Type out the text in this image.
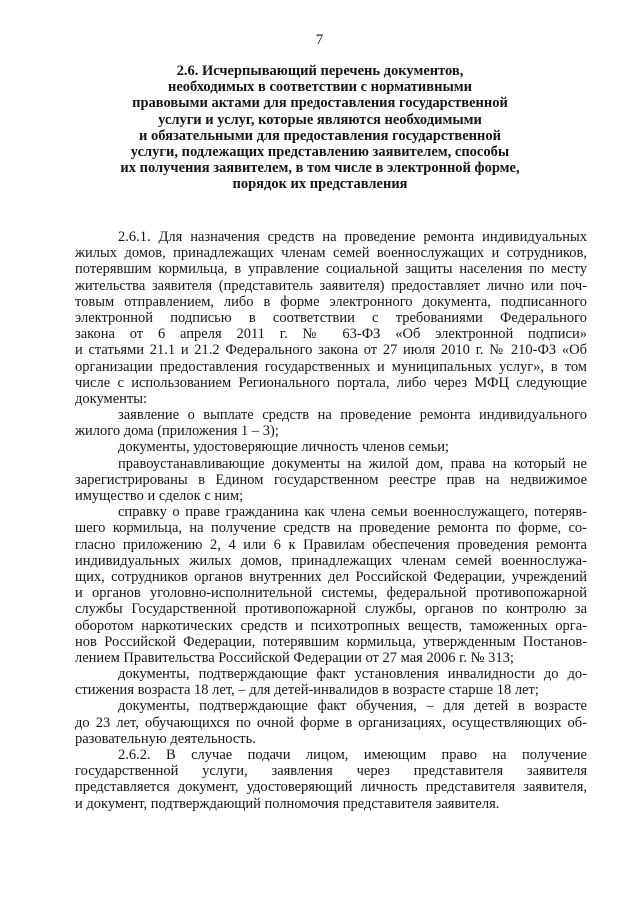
7
2.6. Исчерпывающий перечень документов,
необходимых в соответствии с нормативными
правовыми актами для предоставления государственной
услуги и услуг, которые являются необходимыми
и обязательными для предоставления государственной
услуги, подлежащих представлению заявителем, способы
их получения заявителем, в том числе в электронной форме,
порядок их представления
2.6.1. Для назначения средств на проведение ремонта индивидуальных
жилых домов, принадлежащих членам семей военнослужащих и сотрудников,
потерявшим кормильца, в управление социальной защиты населения по месту
жительства заявителя (представитель заявителя) предоставляет лично или поч-
товым отправлением, либо в форме электронного документа, подписанного
электронной подписью в соответствии с требованиями Федерального
закона от 6 апреля 2011 г. № 63-ФЗ «Об электронной подписи»
и статьями 21.1 и 21.2 Федерального закона от 27 июля 2010 г. № 210-ФЗ «Об
организации предоставления государственных и муниципальных услуг», в том
числе с использованием Регионального портала, либо через МФЦ следующие
документы:
заявление о выплате средств на проведение ремонта индивидуального
жилого дома (приложения 1 – 3);
документы, удостоверяющие личность членов семьи;
правоустанавливающие документы на жилой дом, права на который не
зарегистрированы в Едином государственном реестре прав на недвижимое
имущество и сделок с ним;
справку о праве гражданина как члена семьи военнослужащего, потеряв-
шего кормильца, на получение средств на проведение ремонта по форме, со-
гласно приложению 2, 4 или 6 к Правилам обеспечения проведения ремонта
индивидуальных жилых домов, принадлежащих членам семей военнослужа-
щих, сотрудников органов внутренних дел Российской Федерации, учреждений
и органов уголовно-исполнительной системы, федеральной противопожарной
службы Государственной противопожарной службы, органов по контролю за
оборотом наркотических средств и психотропных веществ, таможенных орга-
нов Российской Федерации, потерявшим кормильца, утвержденным Постанов-
лением Правительства Российской Федерации от 27 мая 2006 г. № 313;
документы, подтверждающие факт установления инвалидности до до-
стижения возраста 18 лет, – для детей-инвалидов в возрасте старше 18 лет;
документы, подтверждающие факт обучения, – для детей в возрасте
до 23 лет, обучающихся по очной форме в организациях, осуществляющих об-
разовательную деятельность.
2.6.2. В случае подачи лицом, имеющим право на получение
государственной услуги, заявления через представителя заявителя
представляется документ, удостоверяющий личность представителя заявителя,
и документ, подтверждающий полномочия представителя заявителя.
